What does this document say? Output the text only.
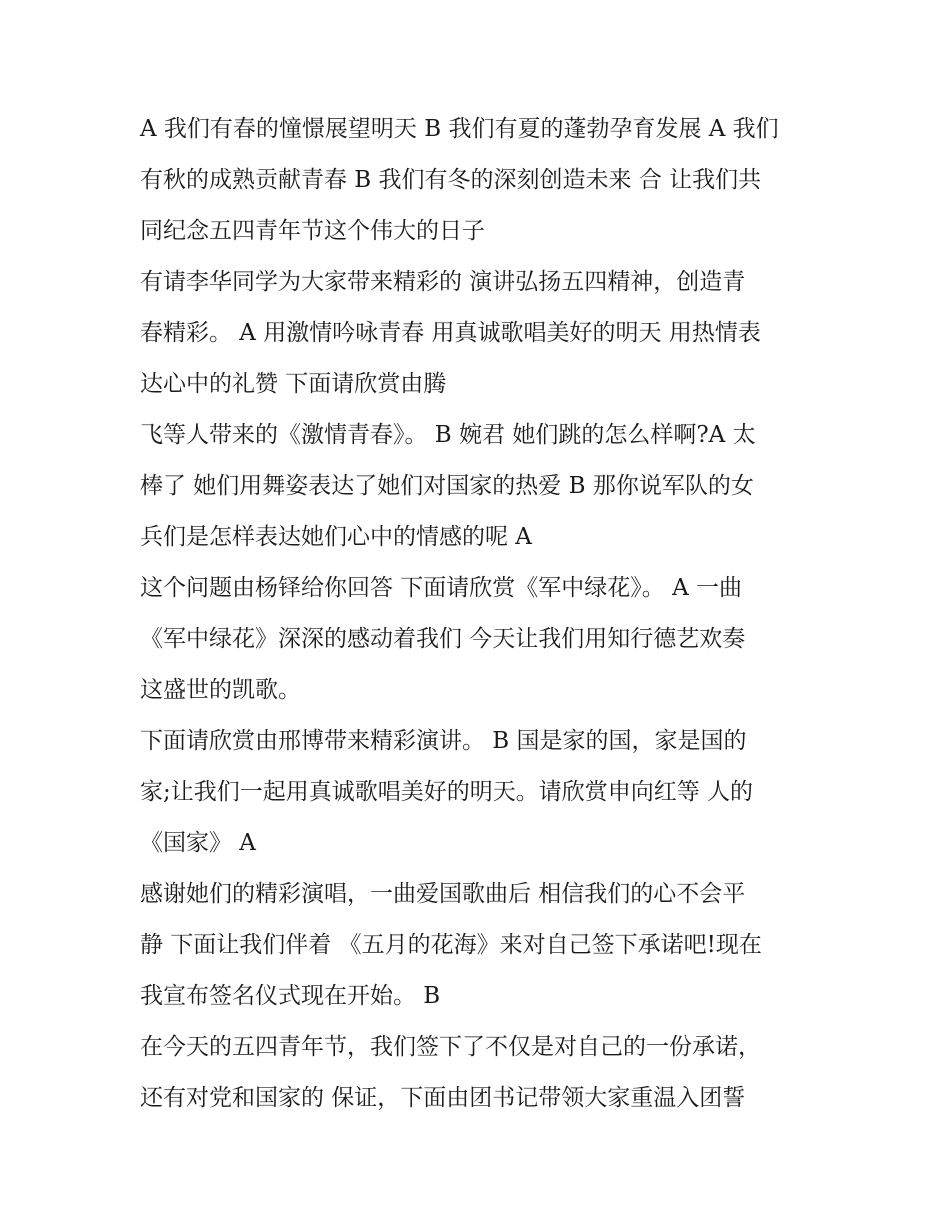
A 我们有春的憧憬展望明天 B 我们有夏的蓬勃孕育发展 A 我们
有秋的成熟贡献青春 B 我们有冬的深刻创造未来 合 让我们共
同纪念五四青年节这个伟大的日子

有请李华同学为大家带来精彩的 演讲弘扬五四精神，创造青
春精彩。 A 用激情吟咏青春 用真诚歌唱美好的明天 用热情表
达心中的礼赞 下面请欣赏由腾

飞等人带来的《激情青春》。 B 婉君 她们跳的怎么样啊?A 太
棒了 她们用舞姿表达了她们对国家的热爱 B 那你说军队的女
兵们是怎样表达她们心中的情感的呢 A

这个问题由杨铎给你回答 下面请欣赏《军中绿花》。 A 一曲
《军中绿花》深深的感动着我们 今天让我们用知行德艺欢奏
这盛世的凯歌。

下面请欣赏由邢博带来精彩演讲。 B 国是家的国，家是国的
家;让我们一起用真诚歌唱美好的明天。请欣赏申向红等 人的
《国家》 A

感谢她们的精彩演唱，一曲爱国歌曲后 相信我们的心不会平
静 下面让我们伴着 《五月的花海》来对自己签下承诺吧!现在
我宣布签名仪式现在开始。 B

在今天的五四青年节，我们签下了不仅是对自己的一份承诺，
还有对党和国家的 保证，下面由团书记带领大家重温入团誓
